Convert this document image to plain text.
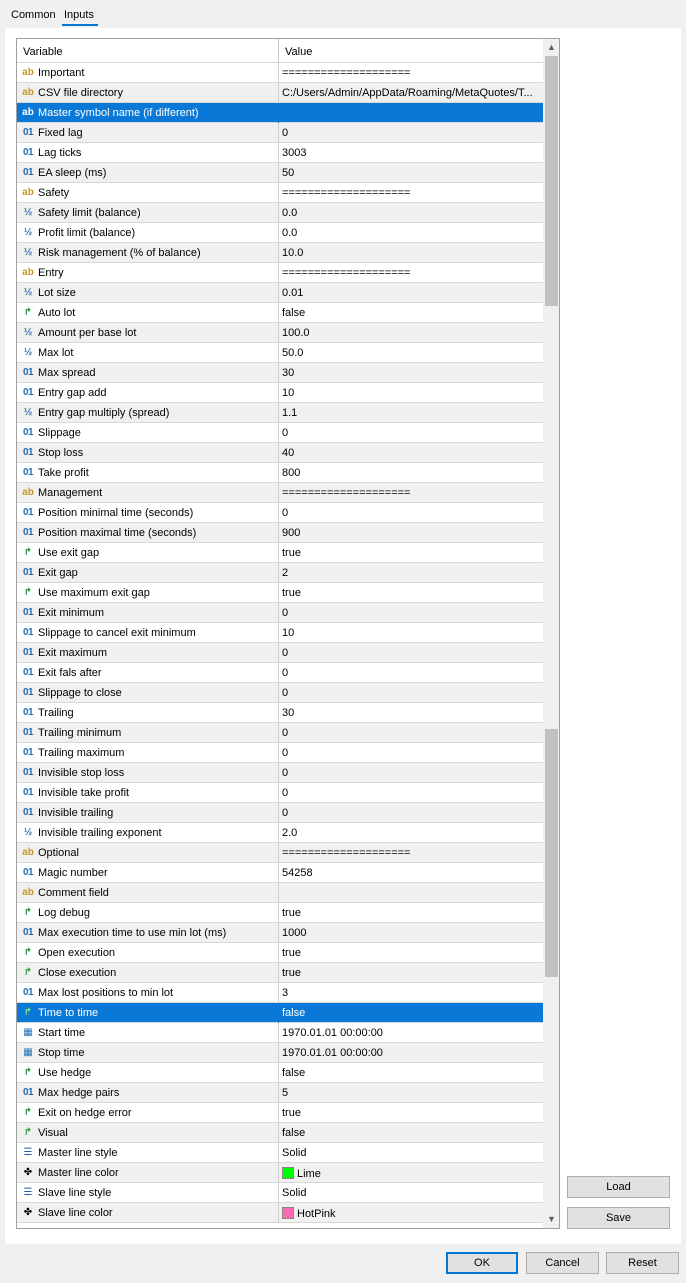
Common Inputs
Variable	Value
ab Important	====================
ab CSV file directory	C:/Users/Admin/AppData/Roaming/MetaQuotes/T...
ab Master symbol name (if different)
01 Fixed lag	0
01 Lag ticks	3003
01 EA sleep (ms)	50
ab Safety	====================
½ Safety limit (balance)	0.0
½ Profit limit (balance)	0.0
½ Risk management (% of balance)	10.0
ab Entry	====================
½ Lot size	0.01
↱ Auto lot	false
½ Amount per base lot	100.0
½ Max lot	50.0
01 Max spread	30
01 Entry gap add	10
½ Entry gap multiply (spread)	1.1
01 Slippage	0
01 Stop loss	40
01 Take profit	800
ab Management	====================
01 Position minimal time (seconds)	0
01 Position maximal time (seconds)	900
↱ Use exit gap	true
01 Exit gap	2
↱ Use maximum exit gap	true
01 Exit minimum	0
01 Slippage to cancel exit minimum	10
01 Exit maximum	0
01 Exit fals after	0
01 Slippage to close	0
01 Trailing	30
01 Trailing minimum	0
01 Trailing maximum	0
01 Invisible stop loss	0
01 Invisible take profit	0
01 Invisible trailing	0
½ Invisible trailing exponent	2.0
ab Optional	====================
01 Magic number	54258
ab Comment field
↱ Log debug	true
01 Max execution time to use min lot (ms)	1000
↱ Open execution	true
↱ Close execution	true
01 Max lost positions to min lot	3
↱ Time to time	false
▦ Start time	1970.01.01 00:00:00
▦ Stop time	1970.01.01 00:00:00
↱ Use hedge	false
01 Max hedge pairs	5
↱ Exit on hedge error	true
↱ Visual	false
☰ Master line style	Solid
✤ Master line color	Lime
☰ Slave line style	Solid
✤ Slave line color	HotPink
▲
▼
Load
Save
OK	Cancel	Reset
